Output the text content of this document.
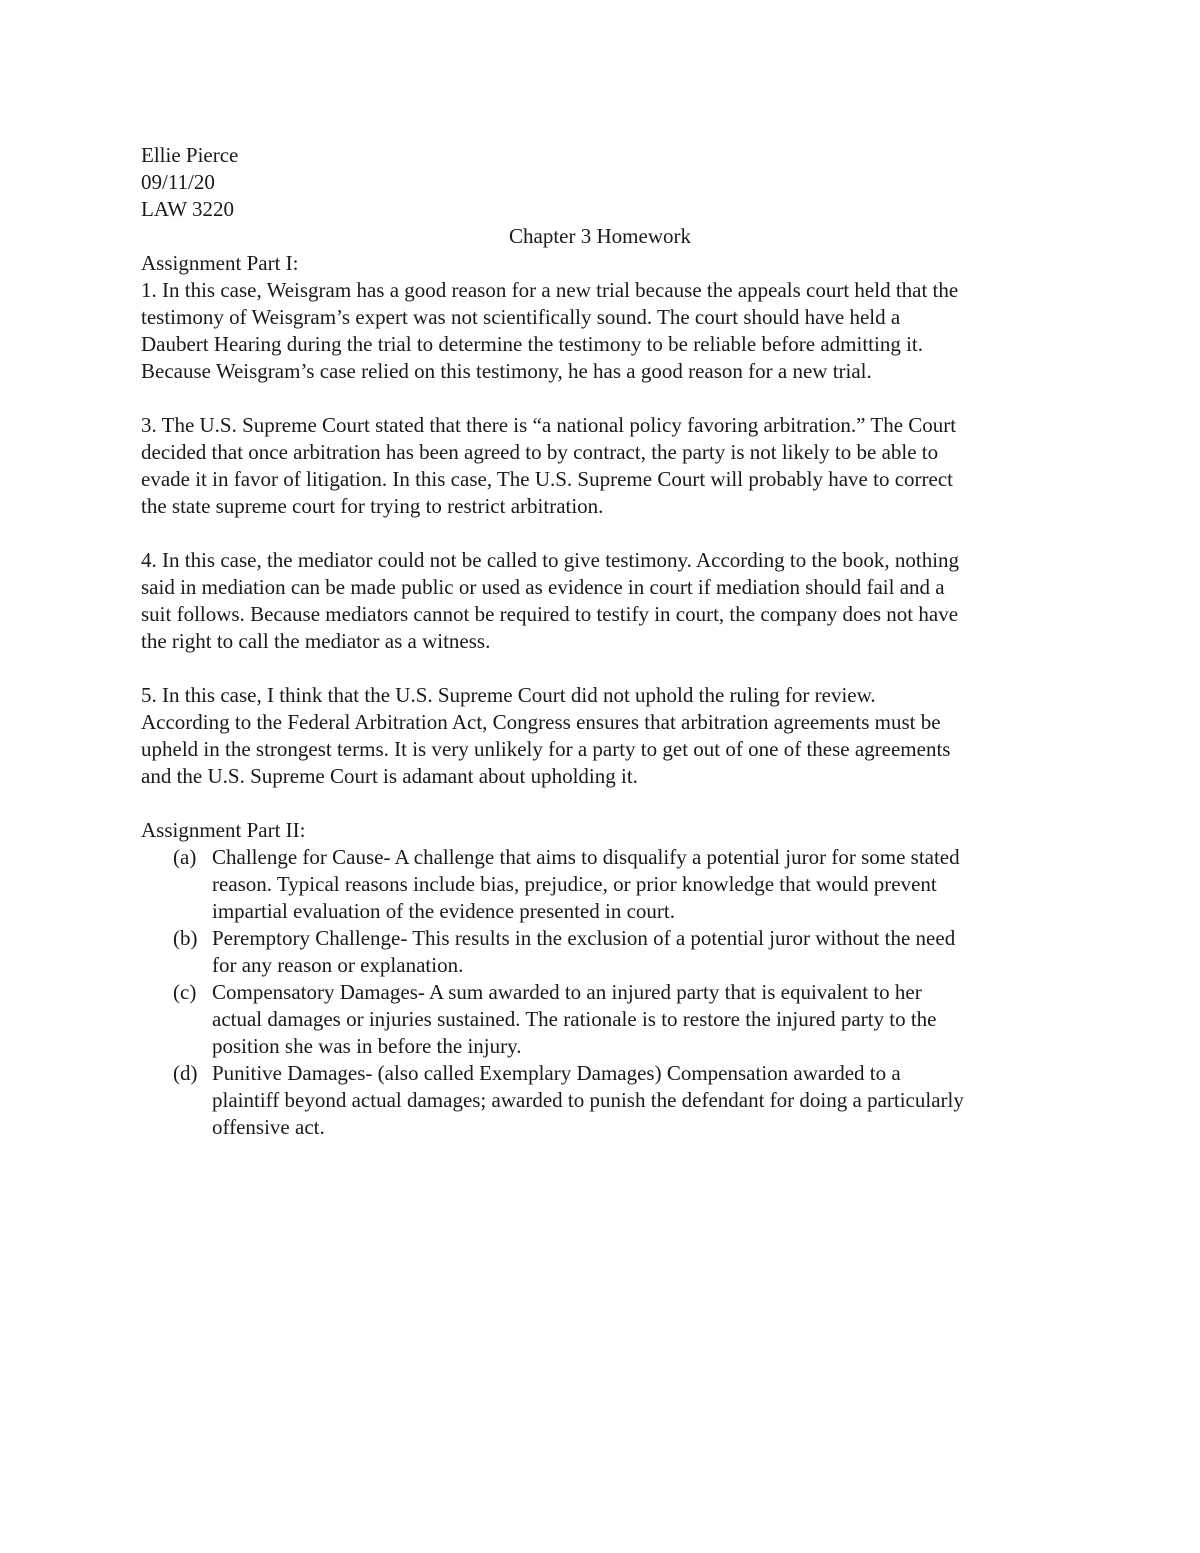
Ellie Pierce
09/11/20
LAW 3220
Chapter 3 Homework
Assignment Part I:
1. In this case, Weisgram has a good reason for a new trial because the appeals court held that the
testimony of Weisgram’s expert was not scientifically sound. The court should have held a
Daubert Hearing during the trial to determine the testimony to be reliable before admitting it.
Because Weisgram’s case relied on this testimony, he has a good reason for a new trial.
3. The U.S. Supreme Court stated that there is “a national policy favoring arbitration.” The Court
decided that once arbitration has been agreed to by contract, the party is not likely to be able to
evade it in favor of litigation. In this case, The U.S. Supreme Court will probably have to correct
the state supreme court for trying to restrict arbitration.
4. In this case, the mediator could not be called to give testimony. According to the book, nothing
said in mediation can be made public or used as evidence in court if mediation should fail and a
suit follows. Because mediators cannot be required to testify in court, the company does not have
the right to call the mediator as a witness.
5. In this case, I think that the U.S. Supreme Court did not uphold the ruling for review.
According to the Federal Arbitration Act, Congress ensures that arbitration agreements must be
upheld in the strongest terms. It is very unlikely for a party to get out of one of these agreements
and the U.S. Supreme Court is adamant about upholding it.
Assignment Part II:
(a) Challenge for Cause- A challenge that aims to disqualify a potential juror for some stated
reason. Typical reasons include bias, prejudice, or prior knowledge that would prevent
impartial evaluation of the evidence presented in court.
(b) Peremptory Challenge- This results in the exclusion of a potential juror without the need
for any reason or explanation.
(c) Compensatory Damages- A sum awarded to an injured party that is equivalent to her
actual damages or injuries sustained. The rationale is to restore the injured party to the
position she was in before the injury.
(d) Punitive Damages- (also called Exemplary Damages) Compensation awarded to a
plaintiff beyond actual damages; awarded to punish the defendant for doing a particularly
offensive act.
